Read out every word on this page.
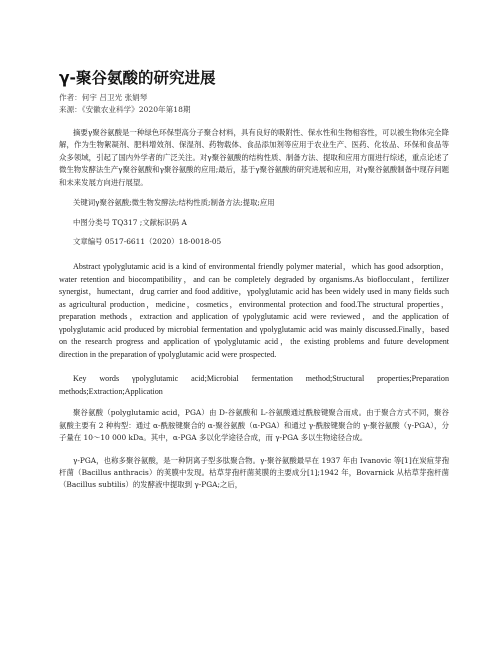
γ-聚谷氨酸的研究进展
作者：何宇 吕卫光 张娟琴
来源：《安徽农业科学》2020年第18期

摘要γ聚谷氨酸是一种绿色环保型高分子聚合材料，具有良好的吸附性、保水性和生物相容性，可以被生物体完全降解，作为生物絮凝剂、肥料增效剂、保湿剂、药物载体、食品添加剂等应用于农业生产、医药、化妆品、环保和食品等众多领域，引起了国内外学者的广泛关注。对γ聚谷氨酸的结构性质、制备方法、提取和应用方面进行综述，重点论述了微生物发酵法生产γ聚谷氨酸和γ聚谷氨酸的应用;最后，基于γ聚谷氨酸的研究进展和应用，对γ聚谷氨酸制备中现存问题和未来发展方向进行展望。

关键词γ聚谷氨酸;微生物发酵法;结构性质;制备方法;提取;应用

中图分类号 TQ317 ;文献标识码 A
文章编号 0517-6611（2020）18-0018-05

Abstract γpolyglutamic acid is a kind of environmental friendly polymer material，which has good adsorption，water retention and biocompatibility，and can be completely degraded by organisms.As bioflocculant，fertilizer synergist，humectant，drug carrier and food additive，γpolyglutamic acid has been widely used in many fields such as agricultural production，medicine，cosmetics，environmental protection and food.The structural properties，preparation methods，extraction and application of γpolyglutamic acid were reviewed，and the application of γpolyglutamic acid produced by microbial fermentation and γpolyglutamic acid was mainly discussed.Finally，based on the research progress and application of γpolyglutamic acid，the existing problems and future development direction in the preparation of γpolyglutamic acid were prospected.

Key words γpolyglutamic acid;Microbial fermentation method;Structural properties;Preparation methods;Extraction;Application

聚谷氨酸（polyglutamic acid，PGA）由 D-谷氨酸和 L-谷氨酸通过酰胺键聚合而成。由于聚合方式不同，聚谷氨酸主要有 2 种构型：通过 α-酰胺键聚合的 α-聚谷氨酸（α-PGA）和通过 γ-酰胺键聚合的 γ-聚谷氨酸（γ-PGA），分子量在 10～10 000 kDa。其中，α-PGA 多以化学途径合成，而 γ-PGA 多以生物途径合成。

γ-PGA，也称多聚谷氨酸，是一种阴离子型多肽聚合物。γ-聚谷氨酸最早在 1937 年由 Ivanovic 等[1]在炭疽芽孢杆菌（Bacillus anthracis）的荚膜中发现。枯草芽孢杆菌荚膜的主要成分[1];1942 年，Bovarnick 从枯草芽孢杆菌（Bacillus subtilis）的发酵液中提取到 γ-PGA;之后，
